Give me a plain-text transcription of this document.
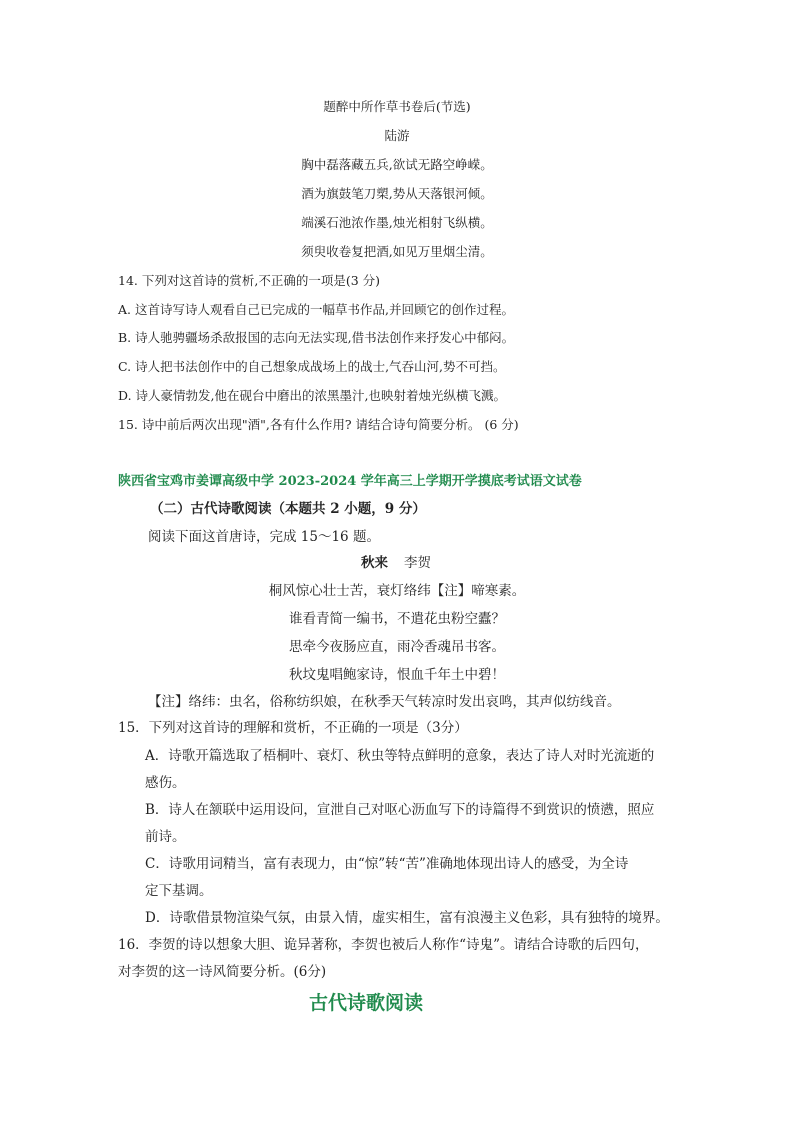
题醉中所作草书卷后(节选)
陆游
胸中磊落藏五兵,欲试无路空峥嵘。
酒为旗鼓笔刀槊,势从天落银河倾。
端溪石池浓作墨,烛光相射飞纵横。
须臾收卷复把酒,如见万里烟尘清。
14. 下列对这首诗的赏析,不正确的一项是(3 分)
A. 这首诗写诗人观看自己已完成的一幅草书作品,并回顾它的创作过程。
B. 诗人驰骋疆场杀敌报国的志向无法实现,借书法创作来抒发心中郁闷。
C. 诗人把书法创作中的自己想象成战场上的战士,气吞山河,势不可挡。
D. 诗人豪情勃发,他在砚台中磨出的浓黑墨汁,也映射着烛光纵横飞溅。
15. 诗中前后两次出现"酒",各有什么作用? 请结合诗句简要分析。 (6 分)
陕西省宝鸡市姜谭高级中学 2023-2024 学年高三上学期开学摸底考试语文试卷
（二）古代诗歌阅读（本题共 2 小题，9 分）
阅读下面这首唐诗，完成 15～16 题。
秋来 李贺
桐风惊心壮士苦，衰灯络纬【注】啼寒素。
谁看青简一编书，不遣花虫粉空蠹？
思牵今夜肠应直，雨冷香魂吊书客。
秋坟鬼唱鲍家诗，恨血千年土中碧！
【注】络纬：虫名，俗称纺织娘，在秋季天气转凉时发出哀鸣，其声似纺线音。
15．下列对这首诗的理解和赏析，不正确的一项是（3分）
A．诗歌开篇选取了梧桐叶、衰灯、秋虫等特点鲜明的意象，表达了诗人对时光流逝的
感伤。
B．诗人在颔联中运用设问，宣泄自己对呕心沥血写下的诗篇得不到赏识的愤懑，照应
前诗。
C．诗歌用词精当，富有表现力，由“惊”转“苦”准确地体现出诗人的感受，为全诗
定下基调。
D．诗歌借景物渲染气氛，由景入情，虚实相生，富有浪漫主义色彩，具有独特的境界。
16．李贺的诗以想象大胆、诡异著称，李贺也被后人称作“诗鬼”。请结合诗歌的后四句，
对李贺的这一诗风简要分析。(6分)
古代诗歌阅读
